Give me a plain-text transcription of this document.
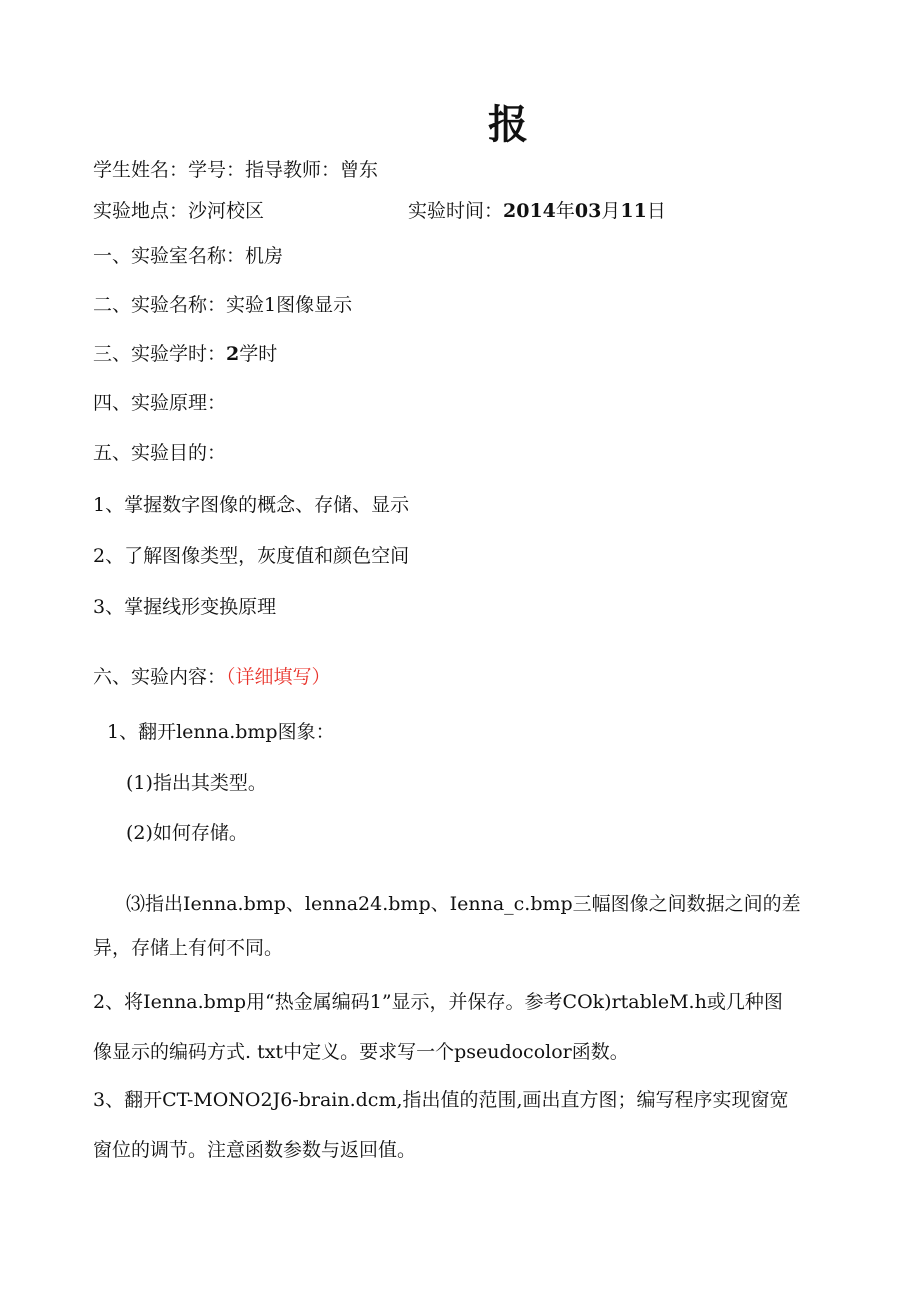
报
学生姓名：学号：指导教师：曾东
实验地点：沙河校区	实验时间：2014年03月11日
一、实验室名称：机房
二、实验名称：实验1图像显示
三、实验学时：2学时
四、实验原理：
五、实验目的：
1、掌握数字图像的概念、存储、显示
2、了解图像类型，灰度值和颜色空间
3、掌握线形变换原理
六、实验内容：（详细填写）
1、翻开lenna.bmp图象：
(1)指出其类型。
(2)如何存储。
⑶指出Ienna.bmp、lenna24.bmp、Ienna_c.bmp三幅图像之间数据之间的差
异，存储上有何不同。
2、将Ienna.bmp用“热金属编码1”显示，并保存。参考COk)rtableM.h或几种图
像显示的编码方式. txt中定义。要求写一个pseudocolor函数。
3、翻开CT-MONO2J6-brain.dcm,指出值的范围,画出直方图；编写程序实现窗宽
窗位的调节。注意函数参数与返回值。
